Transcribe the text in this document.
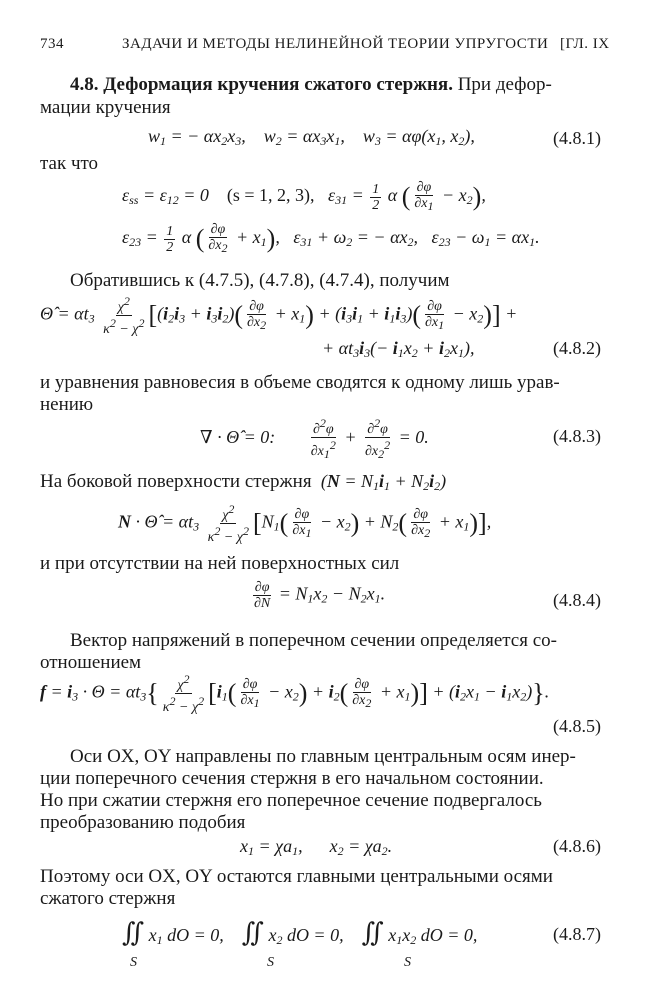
734	ЗАДАЧИ И МЕТОДЫ НЕЛИНЕЙНОЙ ТЕОРИИ УПРУГОСТИ [ГЛ. IX
4.8. Деформация кручения сжатого стержня. При дефор-
мации кручения
$w_1$ = − $\alpha x_2x_3$,    $w_2 = \alpha x_3x_1$,    $w_3 = \alpha\varphi(x_1$, $x_2$),	(4.8.1)
так что
$\varepsilon_{ss} = \varepsilon_{12} = 0$    (s = 1, 2, 3),   $\varepsilon_{31} = \frac{1}{2}$ α ( $\frac{\partial\varphi}{\partial x1} - x_2$),
$\varepsilon_{23} = \frac{1}{2}$ α ( $\frac{\partial\varphi}{\partial x2} + x_1$),   $\varepsilon_{31} + \omega_2$ = − $\alpha x_2$,   $\varepsilon_{23} - \omega_1 = \alpha x_1$.
Обратившись к (4.7.5), (4.7.8), (4.7.4), получим
Θ̂ = $\alpha t_3 \frac{\chi 2}{\kappa 2 - \chi 2} [(i_2i_3 + i_3i_2)( \frac{\partial\varphi}{\partial x2} + x_1) + (i_3i_1 + i_1i_3)( \frac{\partial\varphi}{\partial x1} - x_2)]$ +
+ $\alpha t_3i_3(- i_1x_2 + i_2x_1)$,	(4.8.2)
и уравнения равновесия в объеме сводятся к одному лишь урав-
нению
∇ · Θ̂ = 0: $\frac{\partial 2\varphi}{\partial x12} + \frac{\partial 2\varphi}{\partial x22} = 0$.	(4.8.3)
На боковой поверхности стержня  $(N = N_1i_1 + N_2i_2)$
N · Θ̂ = $\alpha t_3 \frac{\chi 2}{\kappa 2 - \chi 2} [N_1( \frac{\partial\varphi}{\partial x1} - x_2) + N_2( \frac{\partial\varphi}{\partial x2} + x_1)]$,
и при отсутствии на ней поверхностных сил
$\frac{\partial\varphi}{\partial N} = N_1x_2 - N_2x_1$.	(4.8.4)
Вектор напряжений в поперечном сечении определяется со-
отношением
$f = i_3 \cdot \Theta = \alpha t_3\{ \frac{\chi 2}{\kappa 2 - \chi 2} [i_1( \frac{\partial\varphi}{\partial x1} - x_2) + i_2( \frac{\partial\varphi}{\partial x2} + x_1)] + (i_2x_1 - i_1x_2)\}$.
(4.8.5)
Оси OX, OY направлены по главным центральным осям инер-
ции поперечного сечения стержня в его начальном состоянии.
Но при сжатии стержня его поперечное сечение подвергалось
преобразованию подобия
$x_1 = \chi a_1$,      $x_2 = \chi a_2$.	(4.8.6)
Поэтому оси OX, OY остаются главными центральными осями
сжатого стержня
∬ $x_1$ dO = 0,    ∬ $x_2$ dO = 0,    ∬ $x_1x_2$ dO = 0,
S	S	S
(4.8.7)
